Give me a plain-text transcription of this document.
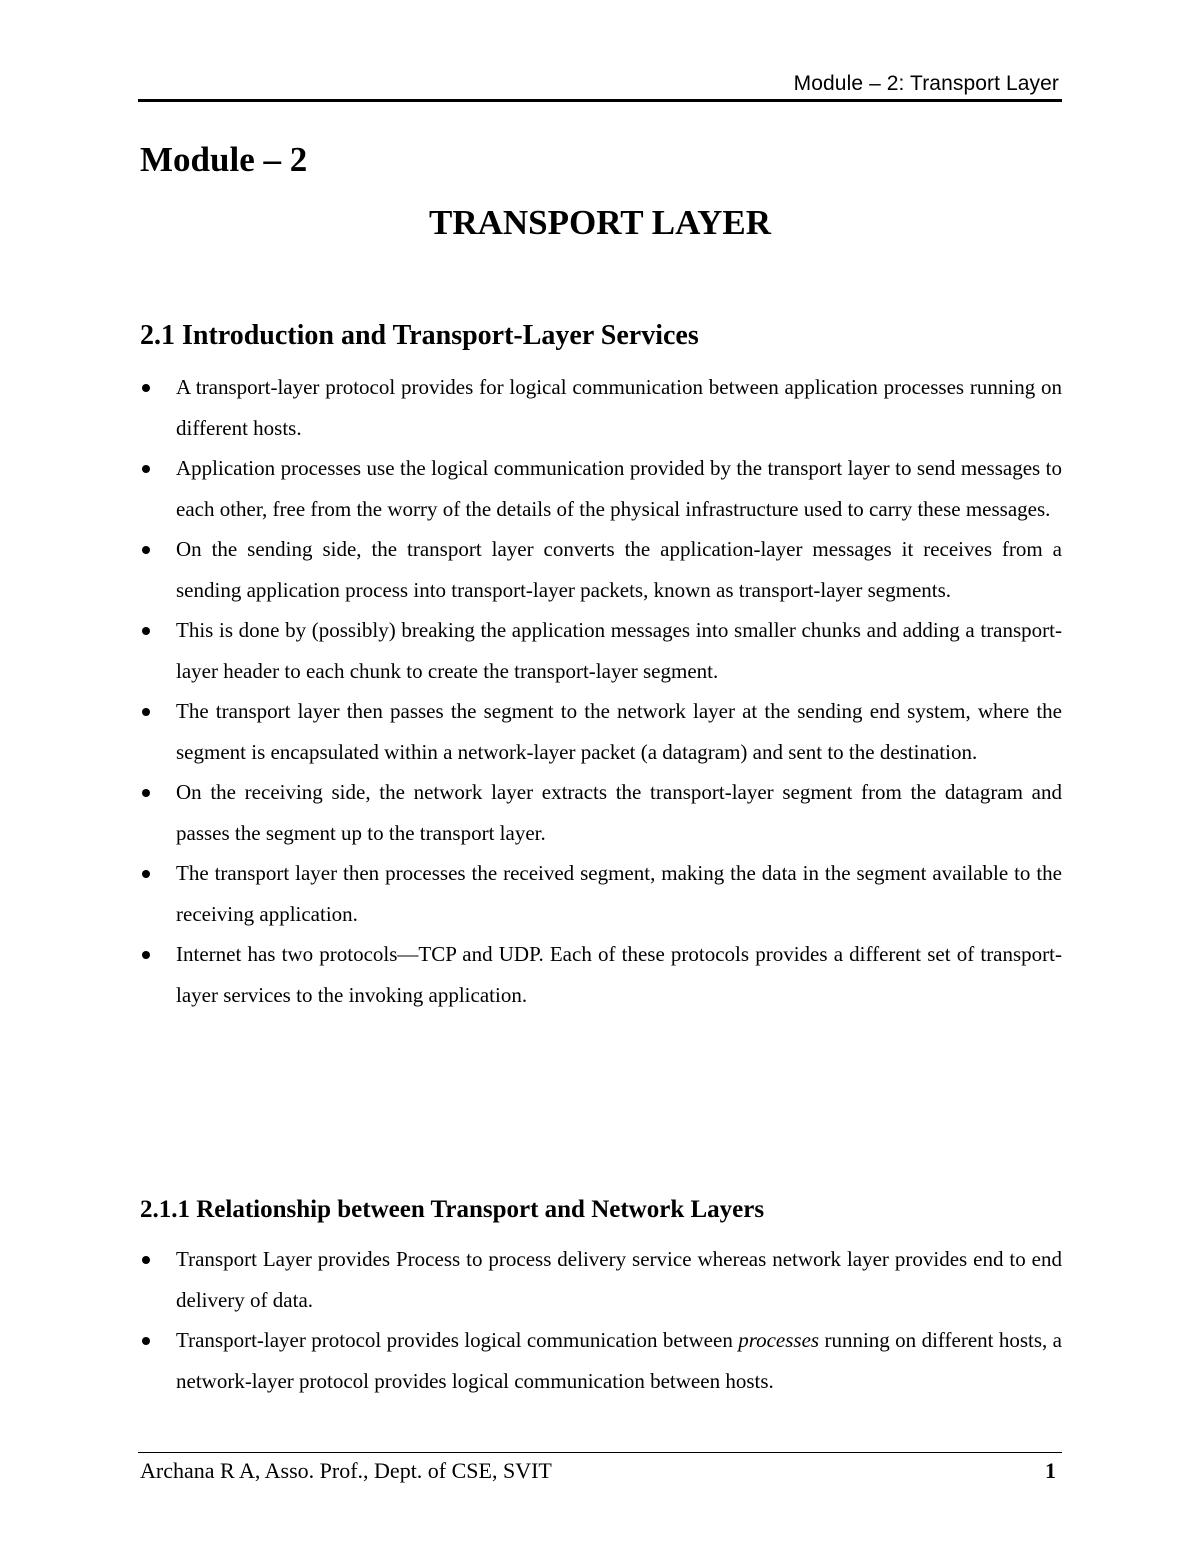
Module – 2: Transport Layer
Module – 2
TRANSPORT LAYER
2.1 Introduction and Transport-Layer Services
A transport-layer protocol provides for logical communication between application processes running on different hosts.
Application processes use the logical communication provided by the transport layer to send messages to each other, free from the worry of the details of the physical infrastructure used to carry these messages.
On the sending side, the transport layer converts the application-layer messages it receives from a sending application process into transport-layer packets, known as transport-layer segments.
This is done by (possibly) breaking the application messages into smaller chunks and adding a transport-layer header to each chunk to create the transport-layer segment.
The transport layer then passes the segment to the network layer at the sending end system, where the segment is encapsulated within a network-layer packet (a datagram) and sent to the destination.
On the receiving side, the network layer extracts the transport-layer segment from the datagram and passes the segment up to the transport layer.
The transport layer then processes the received segment, making the data in the segment available to the receiving application.
Internet has two protocols—TCP and UDP. Each of these protocols provides a different set of transport-layer services to the invoking application.
2.1.1 Relationship between Transport and Network Layers
Transport Layer provides Process to process delivery service whereas network layer provides end to end delivery of data.
Transport-layer protocol provides logical communication between processes running on different hosts, a network-layer protocol provides logical communication between hosts.
Archana R A, Asso. Prof., Dept. of CSE, SVIT	1
